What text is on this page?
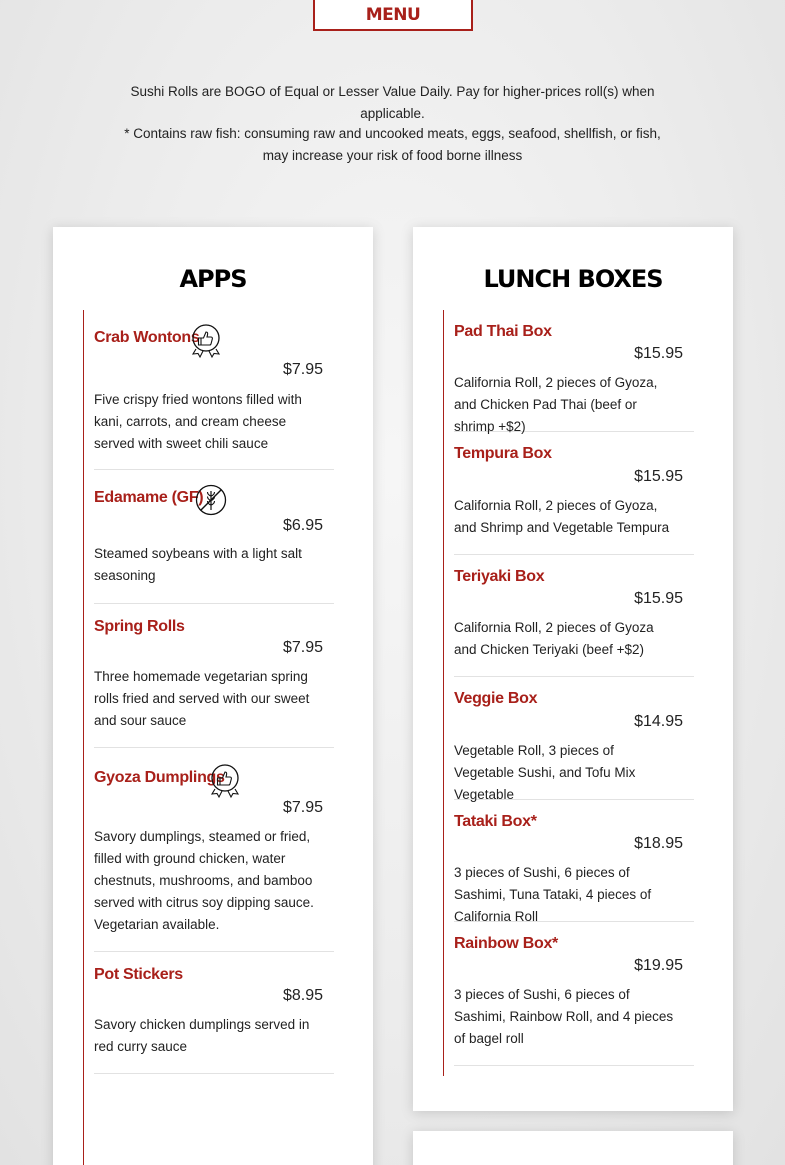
MENU

Sushi Rolls are BOGO of Equal or Lesser Value Daily. Pay for higher-prices roll(s) when applicable.

* Contains raw fish: consuming raw and uncooked meats, eggs, seafood, shellfish, or fish, may increase your risk of food borne illness

APPS
Crab Wontons
$7.95

Five crispy fried wontons filled with kani, carrots, and cream cheese served with sweet chili sauce

Edamame (GF)
$6.95

Steamed soybeans with a light salt seasoning

Spring Rolls
$7.95

Three homemade vegetarian spring rolls fried and served with our sweet and sour sauce

Gyoza Dumplings
$7.95

Savory dumplings, steamed or fried, filled with ground chicken, water chestnuts, mushrooms, and bamboo served with citrus soy dipping sauce. Vegetarian available.

Pot Stickers
$8.95

Savory chicken dumplings served in red curry sauce

LUNCH BOXES
Pad Thai Box
$15.95

California Roll, 2 pieces of Gyoza, and Chicken Pad Thai (beef or shrimp +$2)

Tempura Box
$15.95

California Roll, 2 pieces of Gyoza, and Shrimp and Vegetable Tempura

Teriyaki Box
$15.95

California Roll, 2 pieces of Gyoza and Chicken Teriyaki (beef +$2)

Veggie Box
$14.95

Vegetable Roll, 3 pieces of Vegetable Sushi, and Tofu Mix Vegetable

Tataki Box*
$18.95

3 pieces of Sushi, 6 pieces of Sashimi, Tuna Tataki, 4 pieces of California Roll

Rainbow Box*
$19.95

3 pieces of Sushi, 6 pieces of Sashimi, Rainbow Roll, and 4 pieces of bagel roll
